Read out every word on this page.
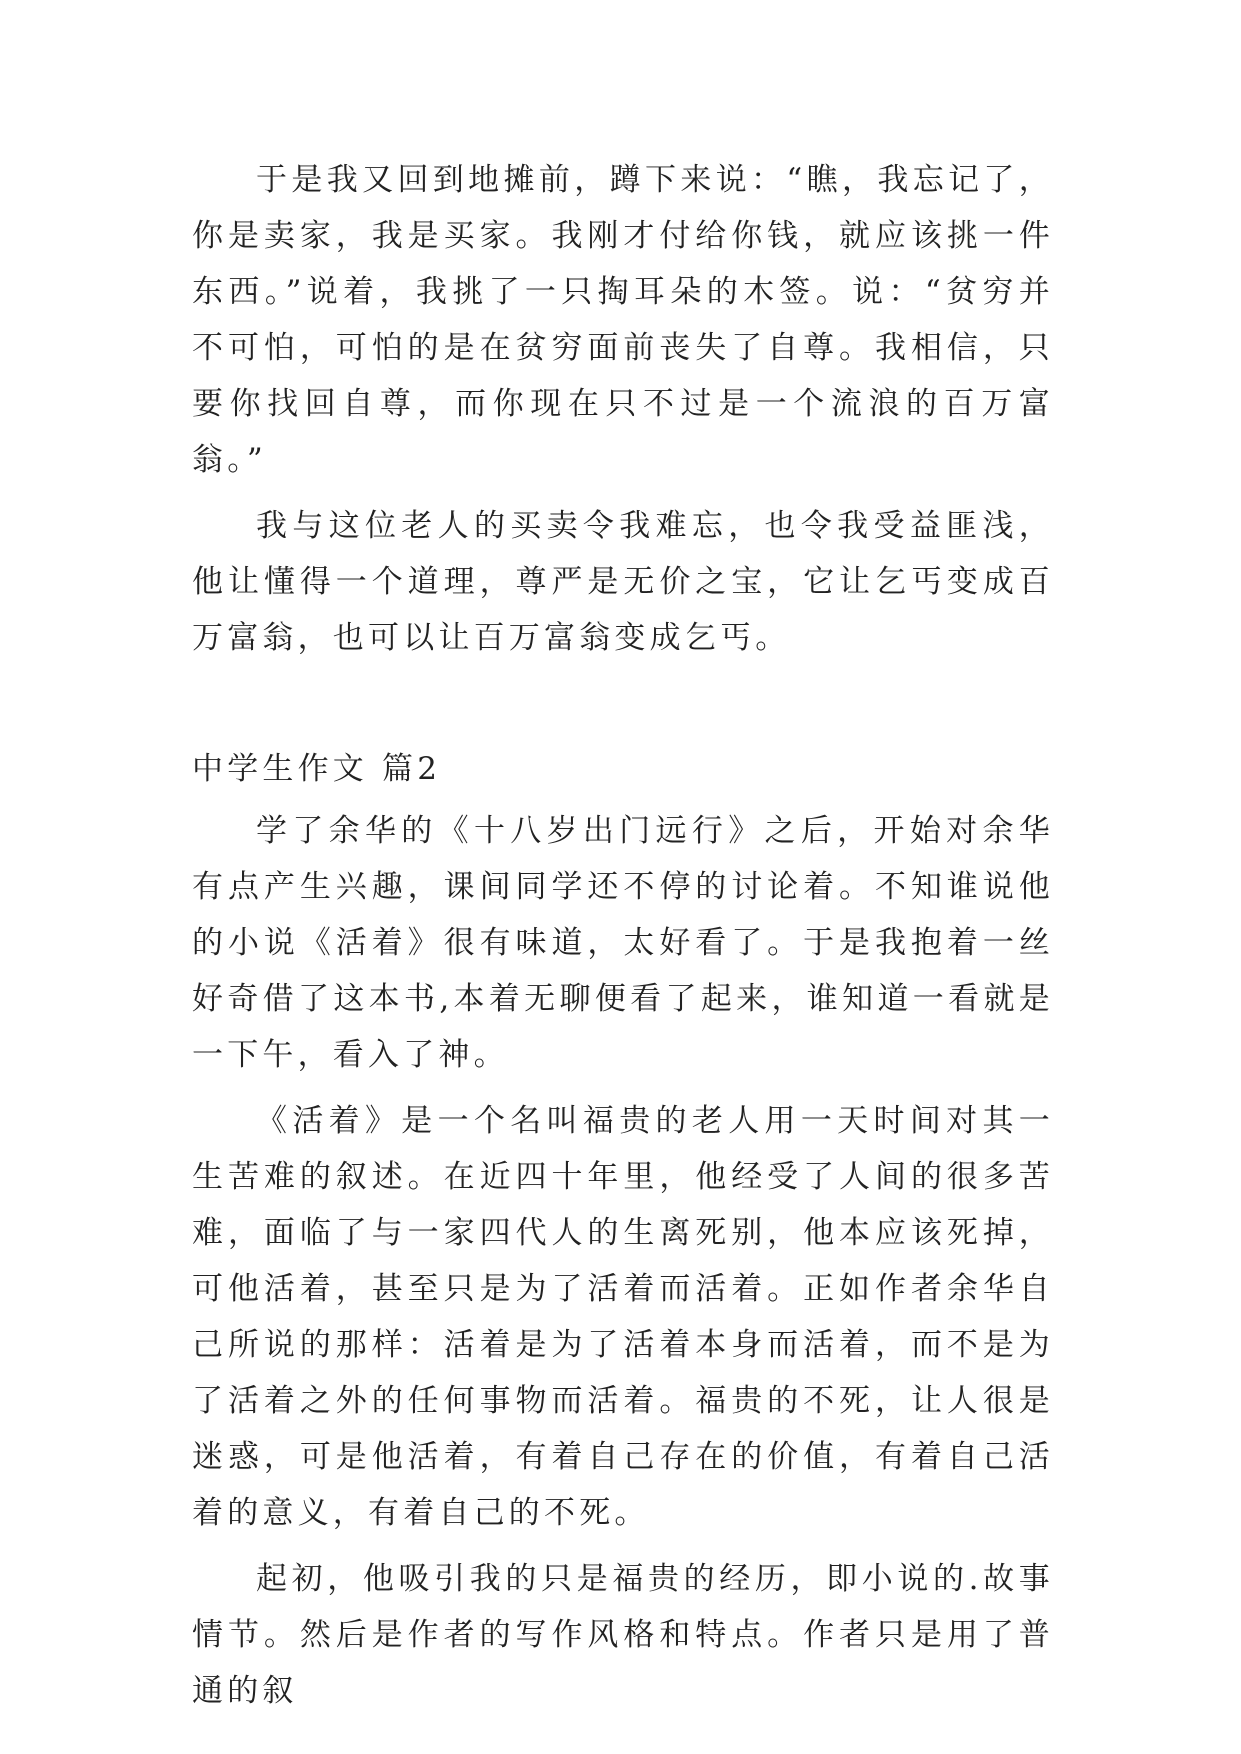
于是我又回到地摊前，蹲下来说：“瞧，我忘记了，你是卖家，我是买家。我刚才付给你钱，就应该挑一件东西。”说着，我挑了一只掏耳朵的木签。说：“贫穷并不可怕，可怕的是在贫穷面前丧失了自尊。我相信，只要你找回自尊，而你现在只不过是一个流浪的百万富翁。”

我与这位老人的买卖令我难忘，也令我受益匪浅，他让懂得一个道理，尊严是无价之宝，它让乞丐变成百万富翁，也可以让百万富翁变成乞丐。

中学生作文 篇2

学了余华的《十八岁出门远行》之后，开始对余华有点产生兴趣，课间同学还不停的讨论着。不知谁说他的小说《活着》很有味道，太好看了。于是我抱着一丝好奇借了这本书,本着无聊便看了起来，谁知道一看就是一下午，看入了神。

《活着》是一个名叫福贵的老人用一天时间对其一生苦难的叙述。在近四十年里，他经受了人间的很多苦难，面临了与一家四代人的生离死别，他本应该死掉，可他活着，甚至只是为了活着而活着。正如作者余华自己所说的那样：活着是为了活着本身而活着，而不是为了活着之外的任何事物而活着。福贵的不死，让人很是迷惑，可是他活着，有着自己存在的价值，有着自己活着的意义，有着自己的不死。

起初，他吸引我的只是福贵的经历，即小说的.故事情节。然后是作者的写作风格和特点。作者只是用了普通的叙
